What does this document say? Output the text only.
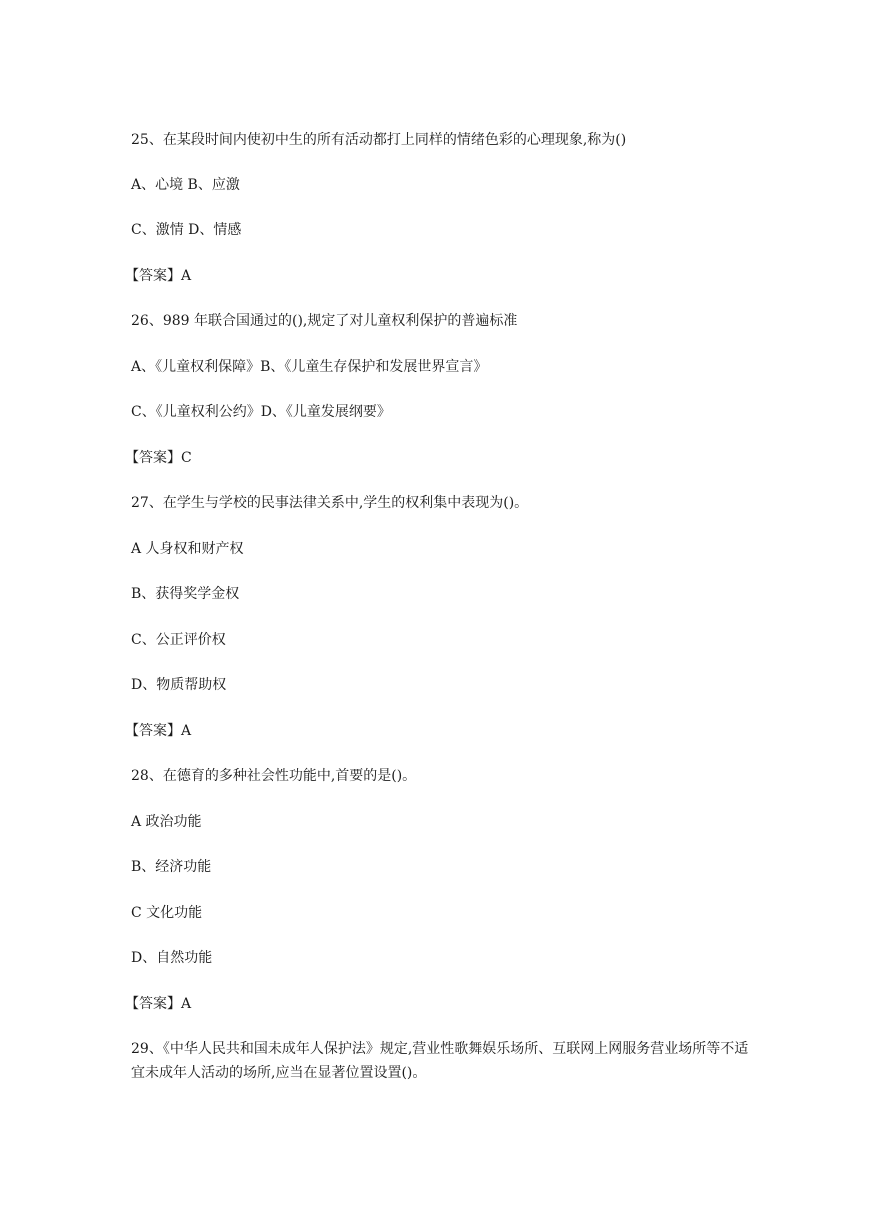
25、在某段时间内使初中生的所有活动都打上同样的情绪色彩的心理现象,称为()
A、心境 B、应激
C、激情 D、情感
【答案】A
26、989 年联合国通过的(),规定了对儿童权利保护的普遍标准
A、《儿童权利保障》B、《儿童生存保护和发展世界宣言》
C、《儿童权利公约》D、《儿童发展纲要》
【答案】C
27、在学生与学校的民事法律关系中,学生的权利集中表现为()。
A 人身权和财产权
B、获得奖学金权
C、公正评价权
D、物质帮助权
【答案】A
28、在德育的多种社会性功能中,首要的是()。
A 政治功能
B、经济功能
C 文化功能
D、自然功能
【答案】A
29、《中华人民共和国未成年人保护法》规定,营业性歌舞娱乐场所、互联网上网服务营业场所等不适宜未成年人活动的场所,应当在显著位置设置()。
